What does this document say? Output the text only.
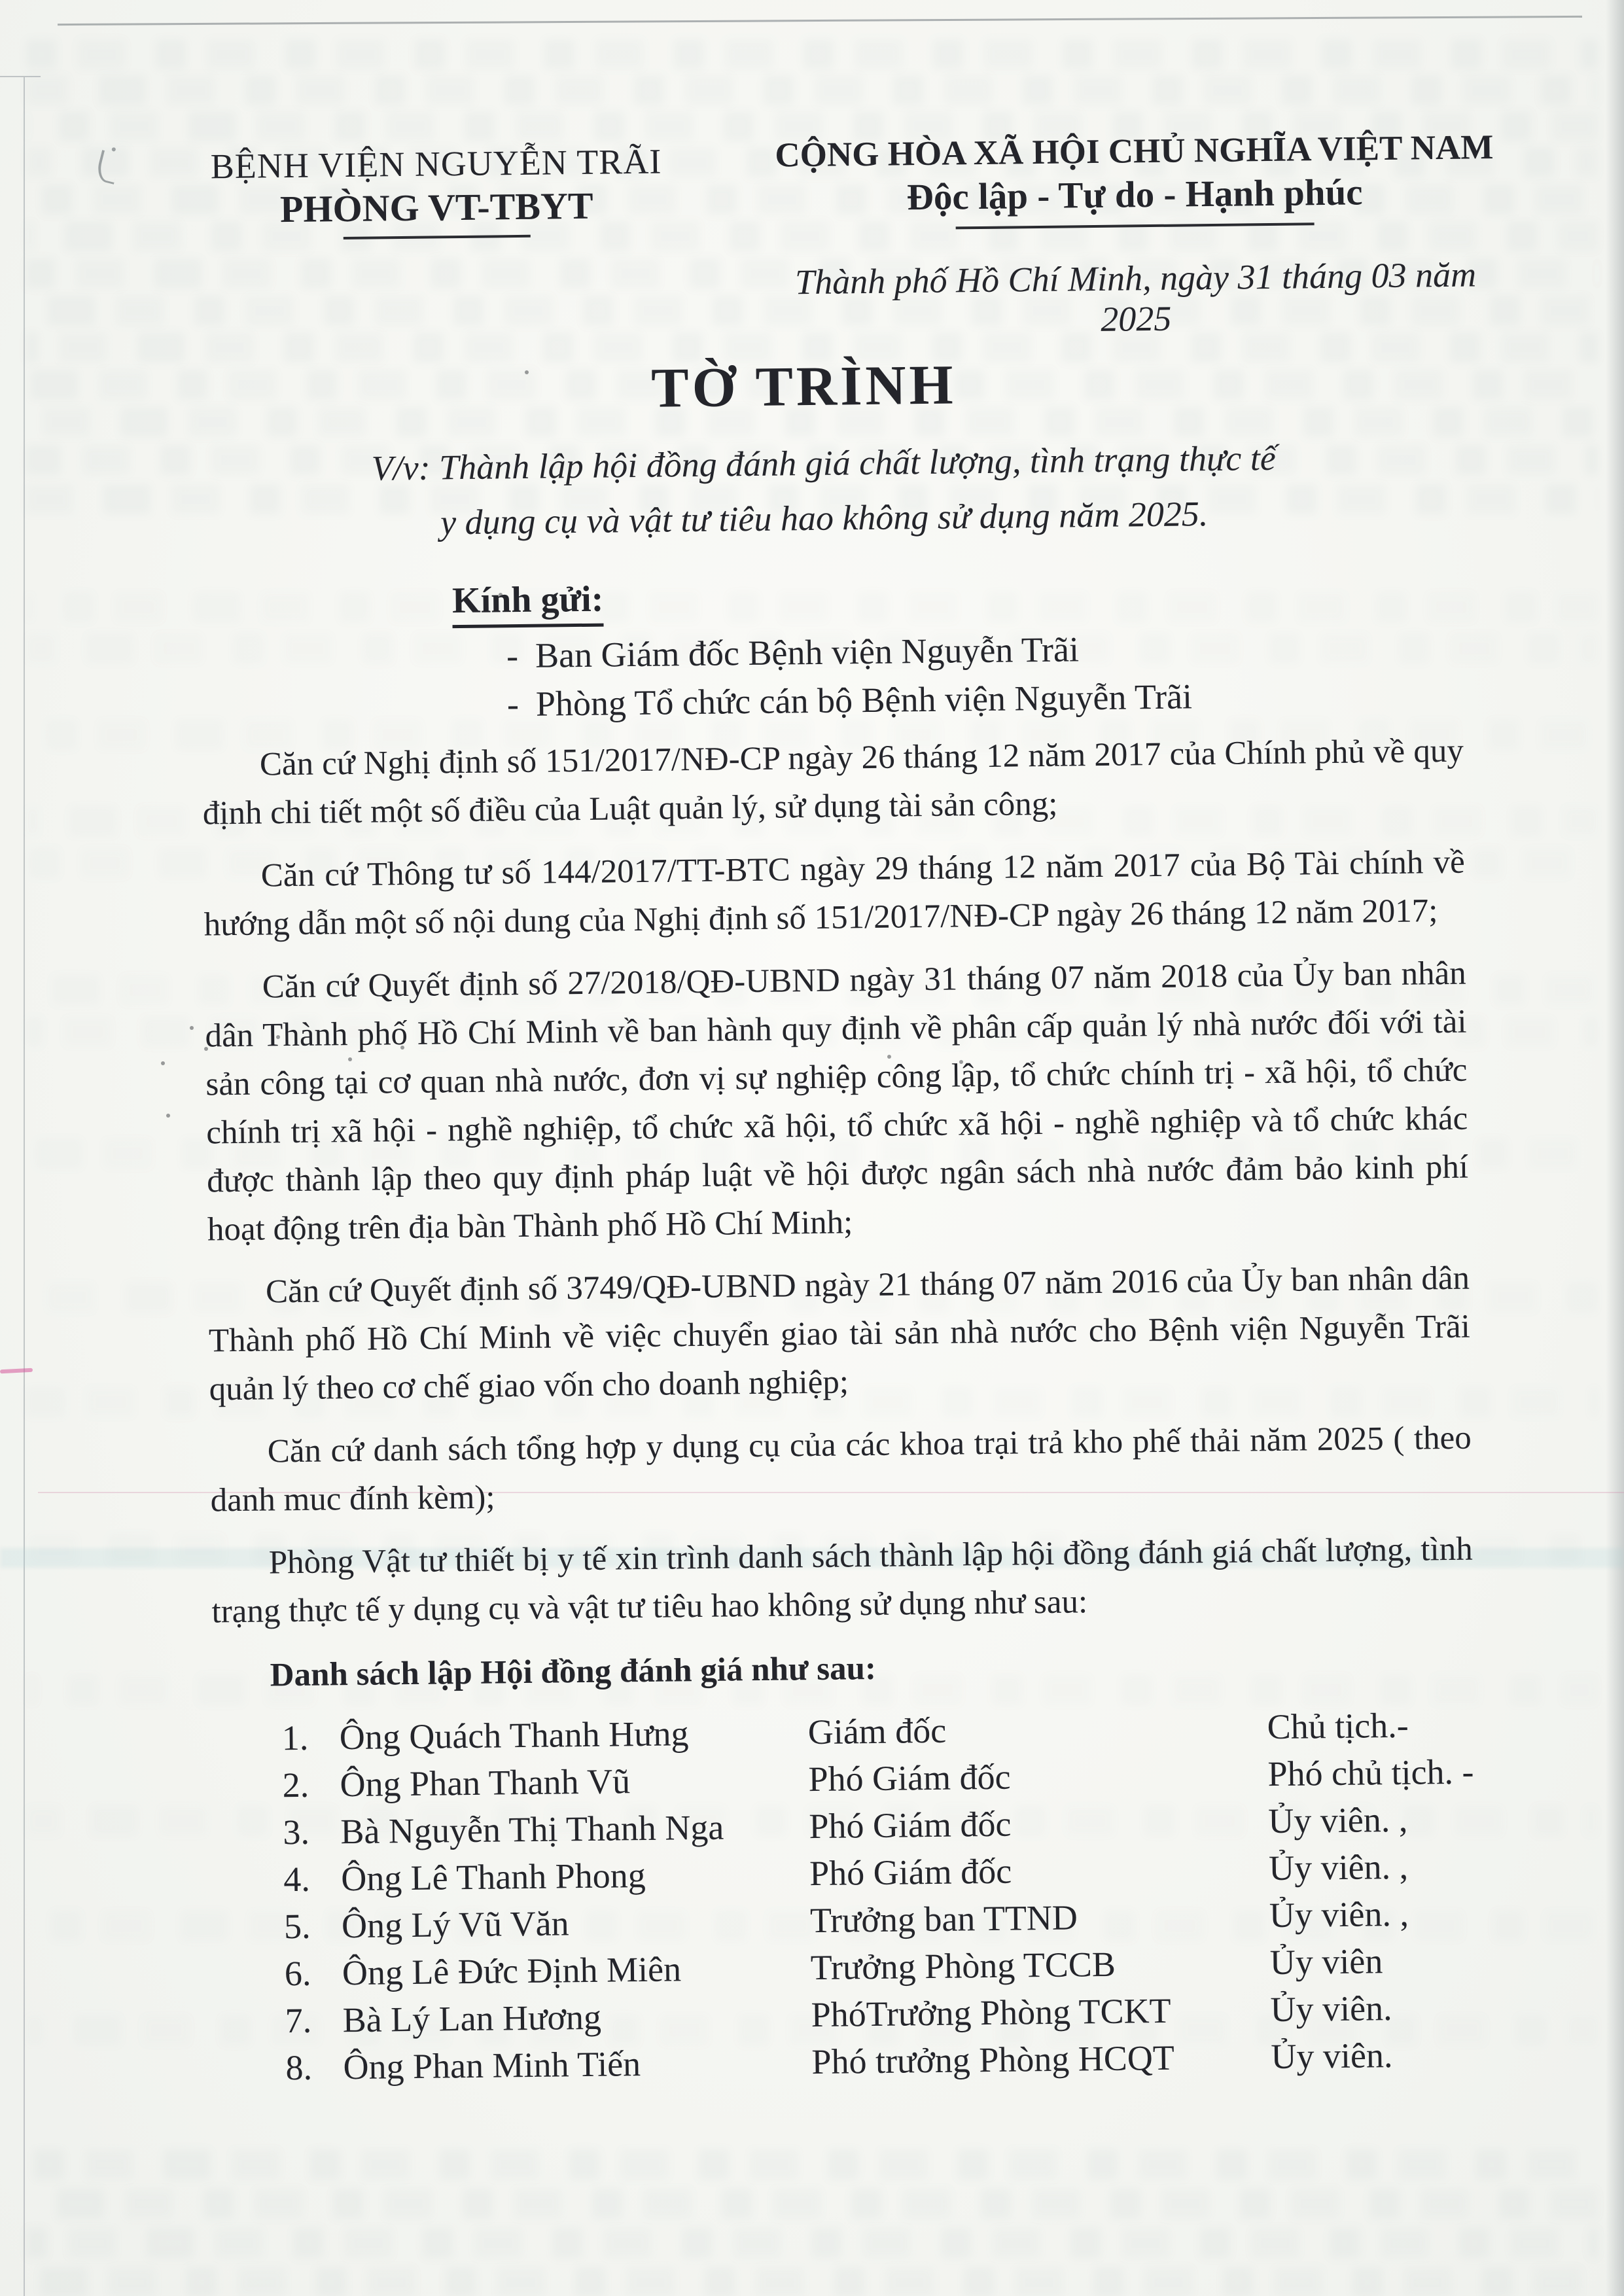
BỆNH VIỆN NGUYỄN TRÃI
PHÒNG VT-TBYT
CỘNG HÒA XÃ HỘI CHỦ NGHĨA VIỆT NAM
Độc lập - Tự do - Hạnh phúc
Thành phố Hồ Chí Minh, ngày 31 tháng 03 năm 2025
TỜ TRÌNH
V/v: Thành lập hội đồng đánh giá chất lượng, tình trạng thực tế
y dụng cụ và vật tư tiêu hao không sử dụng năm 2025.
Kính gửi:
- Ban Giám đốc Bệnh viện Nguyễn Trãi
- Phòng Tổ chức cán bộ Bệnh viện Nguyễn Trãi

Căn cứ Nghị định số 151/2017/NĐ-CP ngày 26 tháng 12 năm 2017 của Chính phủ về quy định chi tiết một số điều của Luật quản lý, sử dụng tài sản công;

Căn cứ Thông tư số 144/2017/TT-BTC ngày 29 tháng 12 năm 2017 của Bộ Tài chính về hướng dẫn một số nội dung của Nghị định số 151/2017/NĐ-CP ngày 26 tháng 12 năm 2017;

Căn cứ Quyết định số 27/2018/QĐ-UBND ngày 31 tháng 07 năm 2018 của Ủy ban nhân dân Thành phố Hồ Chí Minh về ban hành quy định về phân cấp quản lý nhà nước đối với tài sản công tại cơ quan nhà nước, đơn vị sự nghiệp công lập, tổ chức chính trị - xã hội, tổ chức chính trị xã hội - nghề nghiệp, tổ chức xã hội, tổ chức xã hội - nghề nghiệp và tổ chức khác được thành lập theo quy định pháp luật về hội được ngân sách nhà nước đảm bảo kinh phí hoạt động trên địa bàn Thành phố Hồ Chí Minh;

Căn cứ Quyết định số 3749/QĐ-UBND ngày 21 tháng 07 năm 2016 của Ủy ban nhân dân Thành phố Hồ Chí Minh về việc chuyển giao tài sản nhà nước cho Bệnh viện Nguyễn Trãi quản lý theo cơ chế giao vốn cho doanh nghiệp;

Căn cứ danh sách tổng hợp y dụng cụ của các khoa trại trả kho phế thải năm 2025 ( theo danh muc đính kèm);

Phòng Vật tư thiết bị y tế xin trình danh sách thành lập hội đồng đánh giá chất lượng, tình trạng thực tế y dụng cụ và vật tư tiêu hao không sử dụng như sau:

Danh sách lập Hội đồng đánh giá như sau:

1. Ông Quách Thanh Hưng	Giám đốc	Chủ tịch.-
2. Ông Phan Thanh Vũ	Phó Giám đốc	Phó chủ tịch. -
3. Bà Nguyễn Thị Thanh Nga	Phó Giám đốc	Ủy viên. ,
4. Ông Lê Thanh Phong	Phó Giám đốc	Ủy viên. ,
5. Ông Lý Vũ Văn	Trưởng ban TTND	Ủy viên. ,
6. Ông Lê Đức Định Miên	Trưởng Phòng TCCB	Ủy viên
7. Bà Lý Lan Hương	PhóTrưởng Phòng TCKT	Ủy viên.
8. Ông Phan Minh Tiến	Phó trưởng Phòng HCQT	Ủy viên.
